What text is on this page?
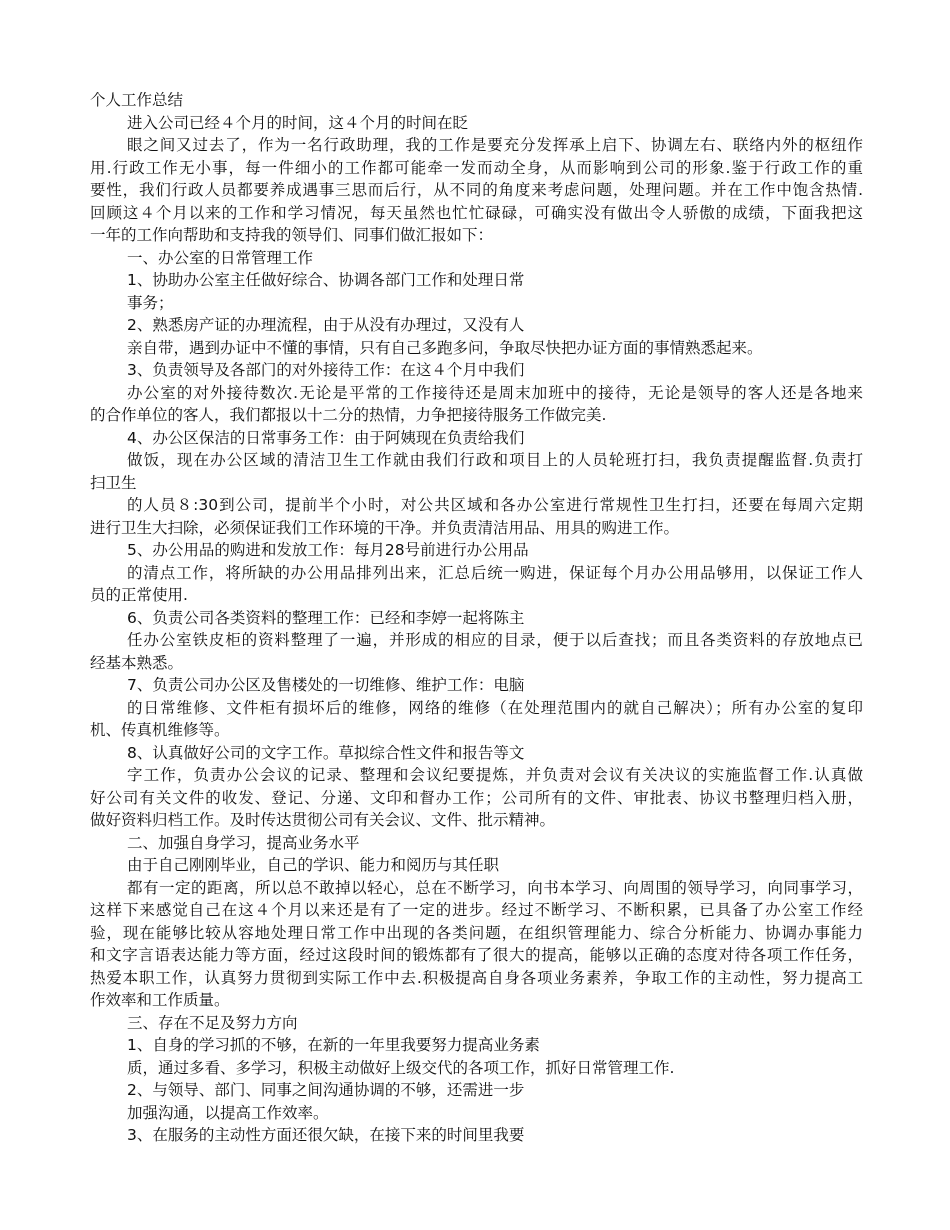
个人工作总结

进入公司已经４个月的时间，这４个月的时间在眨

眼之间又过去了，作为一名行政助理，我的工作是要充分发挥承上启下、协调左右、联络内外的枢纽作

用.行政工作无小事，每一件细小的工作都可能牵一发而动全身，从而影响到公司的形象.鉴于行政工作的重

要性，我们行政人员都要养成遇事三思而后行，从不同的角度来考虑问题，处理问题。并在工作中饱含热情.

回顾这４个月以来的工作和学习情况，每天虽然也忙忙碌碌，可确实没有做出令人骄傲的成绩，下面我把这

一年的工作向帮助和支持我的领导们、同事们做汇报如下：

一、办公室的日常管理工作

1、协助办公室主任做好综合、协调各部门工作和处理日常

事务；

2、熟悉房产证的办理流程，由于从没有办理过，又没有人

亲自带，遇到办证中不懂的事情，只有自己多跑多问，争取尽快把办证方面的事情熟悉起来。

3、负责领导及各部门的对外接待工作：在这４个月中我们

办公室的对外接待数次.无论是平常的工作接待还是周末加班中的接待，无论是领导的客人还是各地来

的合作单位的客人，我们都报以十二分的热情，力争把接待服务工作做完美.

4、办公区保洁的日常事务工作：由于阿姨现在负责给我们

做饭，现在办公区域的清洁卫生工作就由我们行政和项目上的人员轮班打扫，我负责提醒监督.负责打

扫卫生

的人员８:30到公司，提前半个小时，对公共区域和各办公室进行常规性卫生打扫，还要在每周六定期

进行卫生大扫除，必须保证我们工作环境的干净。并负责清洁用品、用具的购进工作。

5、办公用品的购进和发放工作：每月28号前进行办公用品

的清点工作，将所缺的办公用品排列出来，汇总后统一购进，保证每个月办公用品够用，以保证工作人

员的正常使用.

6、负责公司各类资料的整理工作：已经和李婷一起将陈主

任办公室铁皮柜的资料整理了一遍，并形成的相应的目录，便于以后查找；而且各类资料的存放地点已

经基本熟悉。

7、负责公司办公区及售楼处的一切维修、维护工作：电脑

的日常维修、文件柜有损坏后的维修，网络的维修（在处理范围内的就自己解决）；所有办公室的复印

机、传真机维修等。

8、认真做好公司的文字工作。草拟综合性文件和报告等文

字工作，负责办公会议的记录、整理和会议纪要提炼，并负责对会议有关决议的实施监督工作.认真做

好公司有关文件的收发、登记、分递、文印和督办工作；公司所有的文件、审批表、协议书整理归档入册，

做好资料归档工作。及时传达贯彻公司有关会议、文件、批示精神。

二、加强自身学习，提高业务水平

由于自己刚刚毕业，自己的学识、能力和阅历与其任职

都有一定的距离，所以总不敢掉以轻心，总在不断学习，向书本学习、向周围的领导学习，向同事学习，

这样下来感觉自己在这４个月以来还是有了一定的进步。经过不断学习、不断积累，已具备了办公室工作经

验，现在能够比较从容地处理日常工作中出现的各类问题，在组织管理能力、综合分析能力、协调办事能力

和文字言语表达能力等方面，经过这段时间的锻炼都有了很大的提高，能够以正确的态度对待各项工作任务，

热爱本职工作，认真努力贯彻到实际工作中去.积极提高自身各项业务素养，争取工作的主动性，努力提高工

作效率和工作质量。

三、存在不足及努力方向

1、自身的学习抓的不够，在新的一年里我要努力提高业务素

质，通过多看、多学习，积极主动做好上级交代的各项工作，抓好日常管理工作.

2、与领导、部门、同事之间沟通协调的不够，还需进一步

加强沟通，以提高工作效率。

3、在服务的主动性方面还很欠缺，在接下来的时间里我要
